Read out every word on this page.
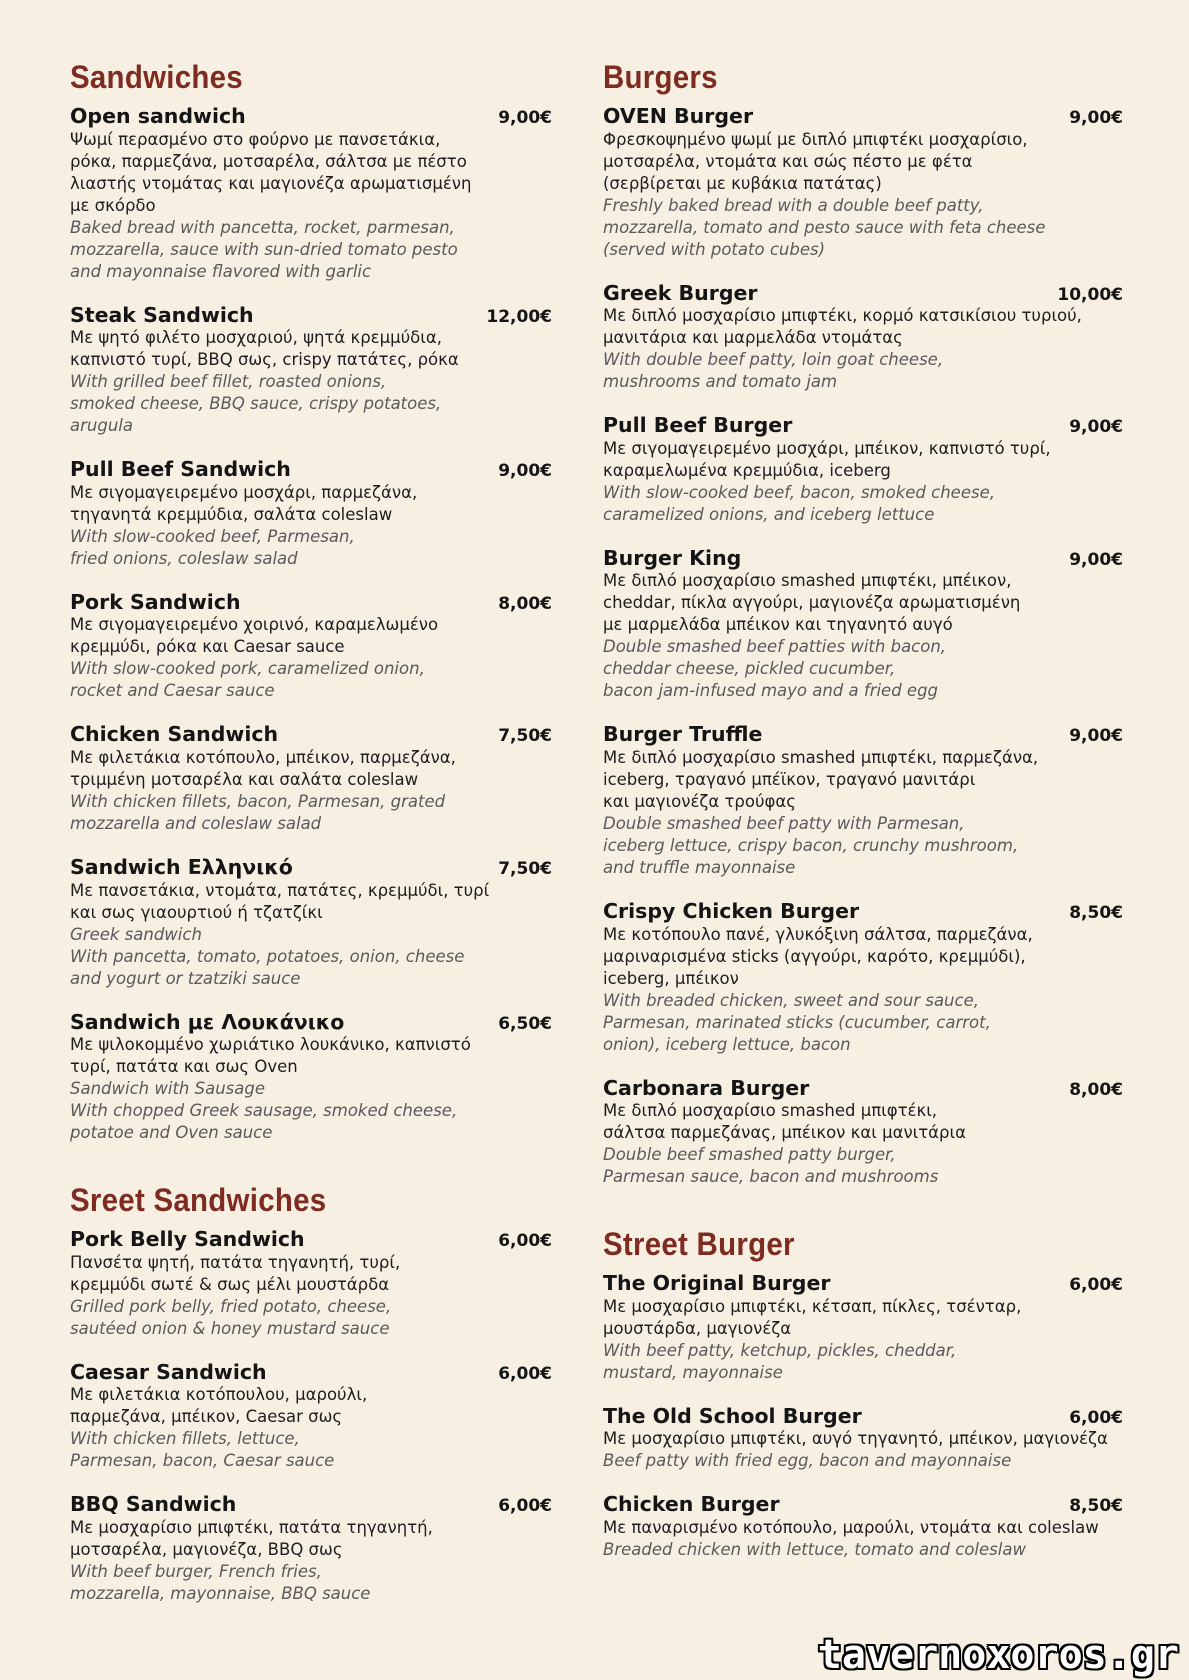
Sandwiches
Open sandwich	9,00€
Ψωμί περασμένο στο φούρνο με πανσετάκια,
ρόκα, παρμεζάνα, μοτσαρέλα, σάλτσα με πέστο
λιαστής ντομάτας και μαγιονέζα αρωματισμένη
με σκόρδο
Baked bread with pancetta, rocket, parmesan,
mozzarella, sauce with sun-dried tomato pesto
and mayonnaise flavored with garlic
Steak Sandwich	12,00€
Με ψητό φιλέτο μοσχαριού, ψητά κρεμμύδια,
καπνιστό τυρί, BBQ σως, crispy πατάτες, ρόκα
With grilled beef fillet, roasted onions,
smoked cheese, BBQ sauce, crispy potatoes,
arugula
Pull Beef Sandwich	9,00€
Με σιγομαγειρεμένο μοσχάρι, παρμεζάνα,
τηγανητά κρεμμύδια, σαλάτα coleslaw
With slow-cooked beef, Parmesan,
fried onions, coleslaw salad
Pork Sandwich	8,00€
Με σιγομαγειρεμένο χοιρινό, καραμελωμένο
κρεμμύδι, ρόκα και Caesar sauce
With slow-cooked pork, caramelized onion,
rocket and Caesar sauce
Chicken Sandwich	7,50€
Με φιλετάκια κοτόπουλο, μπέικον, παρμεζάνα,
τριμμένη μοτσαρέλα και σαλάτα coleslaw
With chicken fillets, bacon, Parmesan, grated
mozzarella and coleslaw salad
Sandwich Ελληνικό	7,50€
Με πανσετάκια, ντομάτα, πατάτες, κρεμμύδι, τυρί
και σως γιαουρτιού ή τζατζίκι
Greek sandwich
With pancetta, tomato, potatoes, onion, cheese
and yogurt or tzatziki sauce
Sandwich με Λουκάνικο	6,50€
Με ψιλοκομμένο χωριάτικο λουκάνικο, καπνιστό
τυρί, πατάτα και σως Oven
Sandwich with Sausage
With chopped Greek sausage, smoked cheese,
potatoe and Oven sauce
Sreet Sandwiches
Pork Belly Sandwich	6,00€
Πανσέτα ψητή, πατάτα τηγανητή, τυρί,
κρεμμύδι σωτέ & σως μέλι μουστάρδα
Grilled pork belly, fried potato, cheese,
sautéed onion & honey mustard sauce
Caesar Sandwich	6,00€
Με φιλετάκια κοτόπουλου, μαρούλι,
παρμεζάνα, μπέικον, Caesar σως
With chicken fillets, lettuce,
Parmesan, bacon, Caesar sauce
BBQ Sandwich	6,00€
Με μοσχαρίσιο μπιφτέκι, πατάτα τηγανητή,
μοτσαρέλα, μαγιονέζα, BBQ σως
With beef burger, French fries,
mozzarella, mayonnaise, BBQ sauce
Burgers
OVEN Burger	9,00€
Φρεσκοψημένο ψωμί με διπλό μπιφτέκι μοσχαρίσιο,
μοτσαρέλα, ντομάτα και σώς πέστο με φέτα
(σερβίρεται με κυβάκια πατάτας)
Freshly baked bread with a double beef patty,
mozzarella, tomato and pesto sauce with feta cheese
(served with potato cubes)
Greek Burger	10,00€
Με διπλό μοσχαρίσιο μπιφτέκι, κορμό κατσικίσιου τυριού,
μανιτάρια και μαρμελάδα ντομάτας
With double beef patty, loin goat cheese,
mushrooms and tomato jam
Pull Beef Burger	9,00€
Με σιγομαγειρεμένο μοσχάρι, μπέικον, καπνιστό τυρί,
καραμελωμένα κρεμμύδια, iceberg
With slow-cooked beef, bacon, smoked cheese,
caramelized onions, and iceberg lettuce
Burger King	9,00€
Με διπλό μοσχαρίσιο smashed μπιφτέκι, μπέικον,
cheddar, πίκλα αγγούρι, μαγιονέζα αρωματισμένη
με μαρμελάδα μπέικον και τηγανητό αυγό
Double smashed beef patties with bacon,
cheddar cheese, pickled cucumber,
bacon jam-infused mayo and a fried egg
Burger Truffle	9,00€
Με διπλό μοσχαρίσιο smashed μπιφτέκι, παρμεζάνα,
iceberg, τραγανό μπέϊκον, τραγανό μανιτάρι
και μαγιονέζα τρούφας
Double smashed beef patty with Parmesan,
iceberg lettuce, crispy bacon, crunchy mushroom,
and truffle mayonnaise
Crispy Chicken Burger	8,50€
Με κοτόπουλο πανέ, γλυκόξινη σάλτσα, παρμεζάνα,
μαριναρισμένα sticks (αγγούρι, καρότο, κρεμμύδι),
iceberg, μπέικον
With breaded chicken, sweet and sour sauce,
Parmesan, marinated sticks (cucumber, carrot,
onion), iceberg lettuce, bacon
Carbonara Burger	8,00€
Με διπλό μοσχαρίσιο smashed μπιφτέκι,
σάλτσα παρμεζάνας, μπέικον και μανιτάρια
Double beef smashed patty burger,
Parmesan sauce, bacon and mushrooms
Street Burger
The Original Burger	6,00€
Με μοσχαρίσιο μπιφτέκι, κέτσαπ, πίκλες, τσένταρ,
μουστάρδα, μαγιονέζα
With beef patty, ketchup, pickles, cheddar,
mustard, mayonnaise
The Old School Burger	6,00€
Με μοσχαρίσιο μπιφτέκι, αυγό τηγανητό, μπέικον, μαγιονέζα
Beef patty with fried egg, bacon and mayonnaise
Chicken Burger	8,50€
Με παναρισμένο κοτόπουλο, μαρούλι, ντομάτα και coleslaw
Breaded chicken with lettuce, tomato and coleslaw
tavernoxoros.gr
